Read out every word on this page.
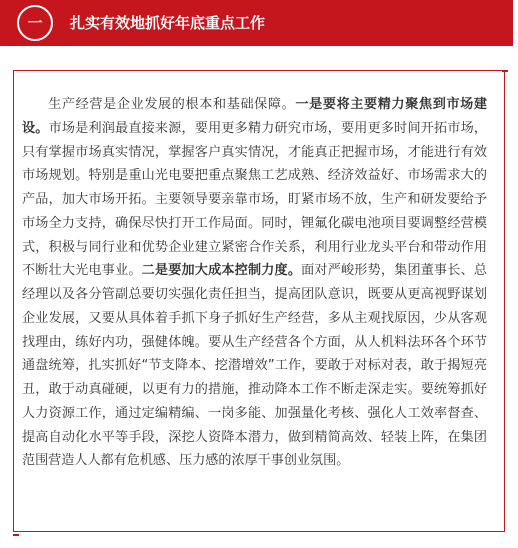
一	扎实有效地抓好年底重点工作

生产经营是企业发展的根本和基础保障。一是要将主要精力聚焦到市场建设。市场是利润最直接来源，要用更多精力研究市场，要用更多时间开拓市场，只有掌握市场真实情况，掌握客户真实情况，才能真正把握市场，才能进行有效市场规划。特别是重山光电要把重点聚焦工艺成熟、经济效益好、市场需求大的产品，加大市场开拓。主要领导要亲靠市场，盯紧市场不放，生产和研发要给予市场全力支持，确保尽快打开工作局面。同时，锂氟化碳电池项目要调整经营模式，积极与同行业和优势企业建立紧密合作关系，利用行业龙头平台和带动作用不断壮大光电事业。二是要加大成本控制力度。面对严峻形势，集团董事长、总经理以及各分管副总要切实强化责任担当，提高团队意识，既要从更高视野谋划企业发展，又要从具体着手抓下身子抓好生产经营，多从主观找原因，少从客观找理由，练好内功，强健体魄。要从生产经营各个方面，从人机料法环各个环节通盘统筹，扎实抓好“节支降本、挖潜增效”工作，要敢于对标对表，敢于揭短亮丑，敢于动真碰硬，以更有力的措施，推动降本工作不断走深走实。要统筹抓好人力资源工作，通过定编精编、一岗多能、加强量化考核、强化人工效率督查、提高自动化水平等手段，深挖人资降本潜力，做到精简高效、轻装上阵，在集团范围营造人人都有危机感、压力感的浓厚干事创业氛围。
